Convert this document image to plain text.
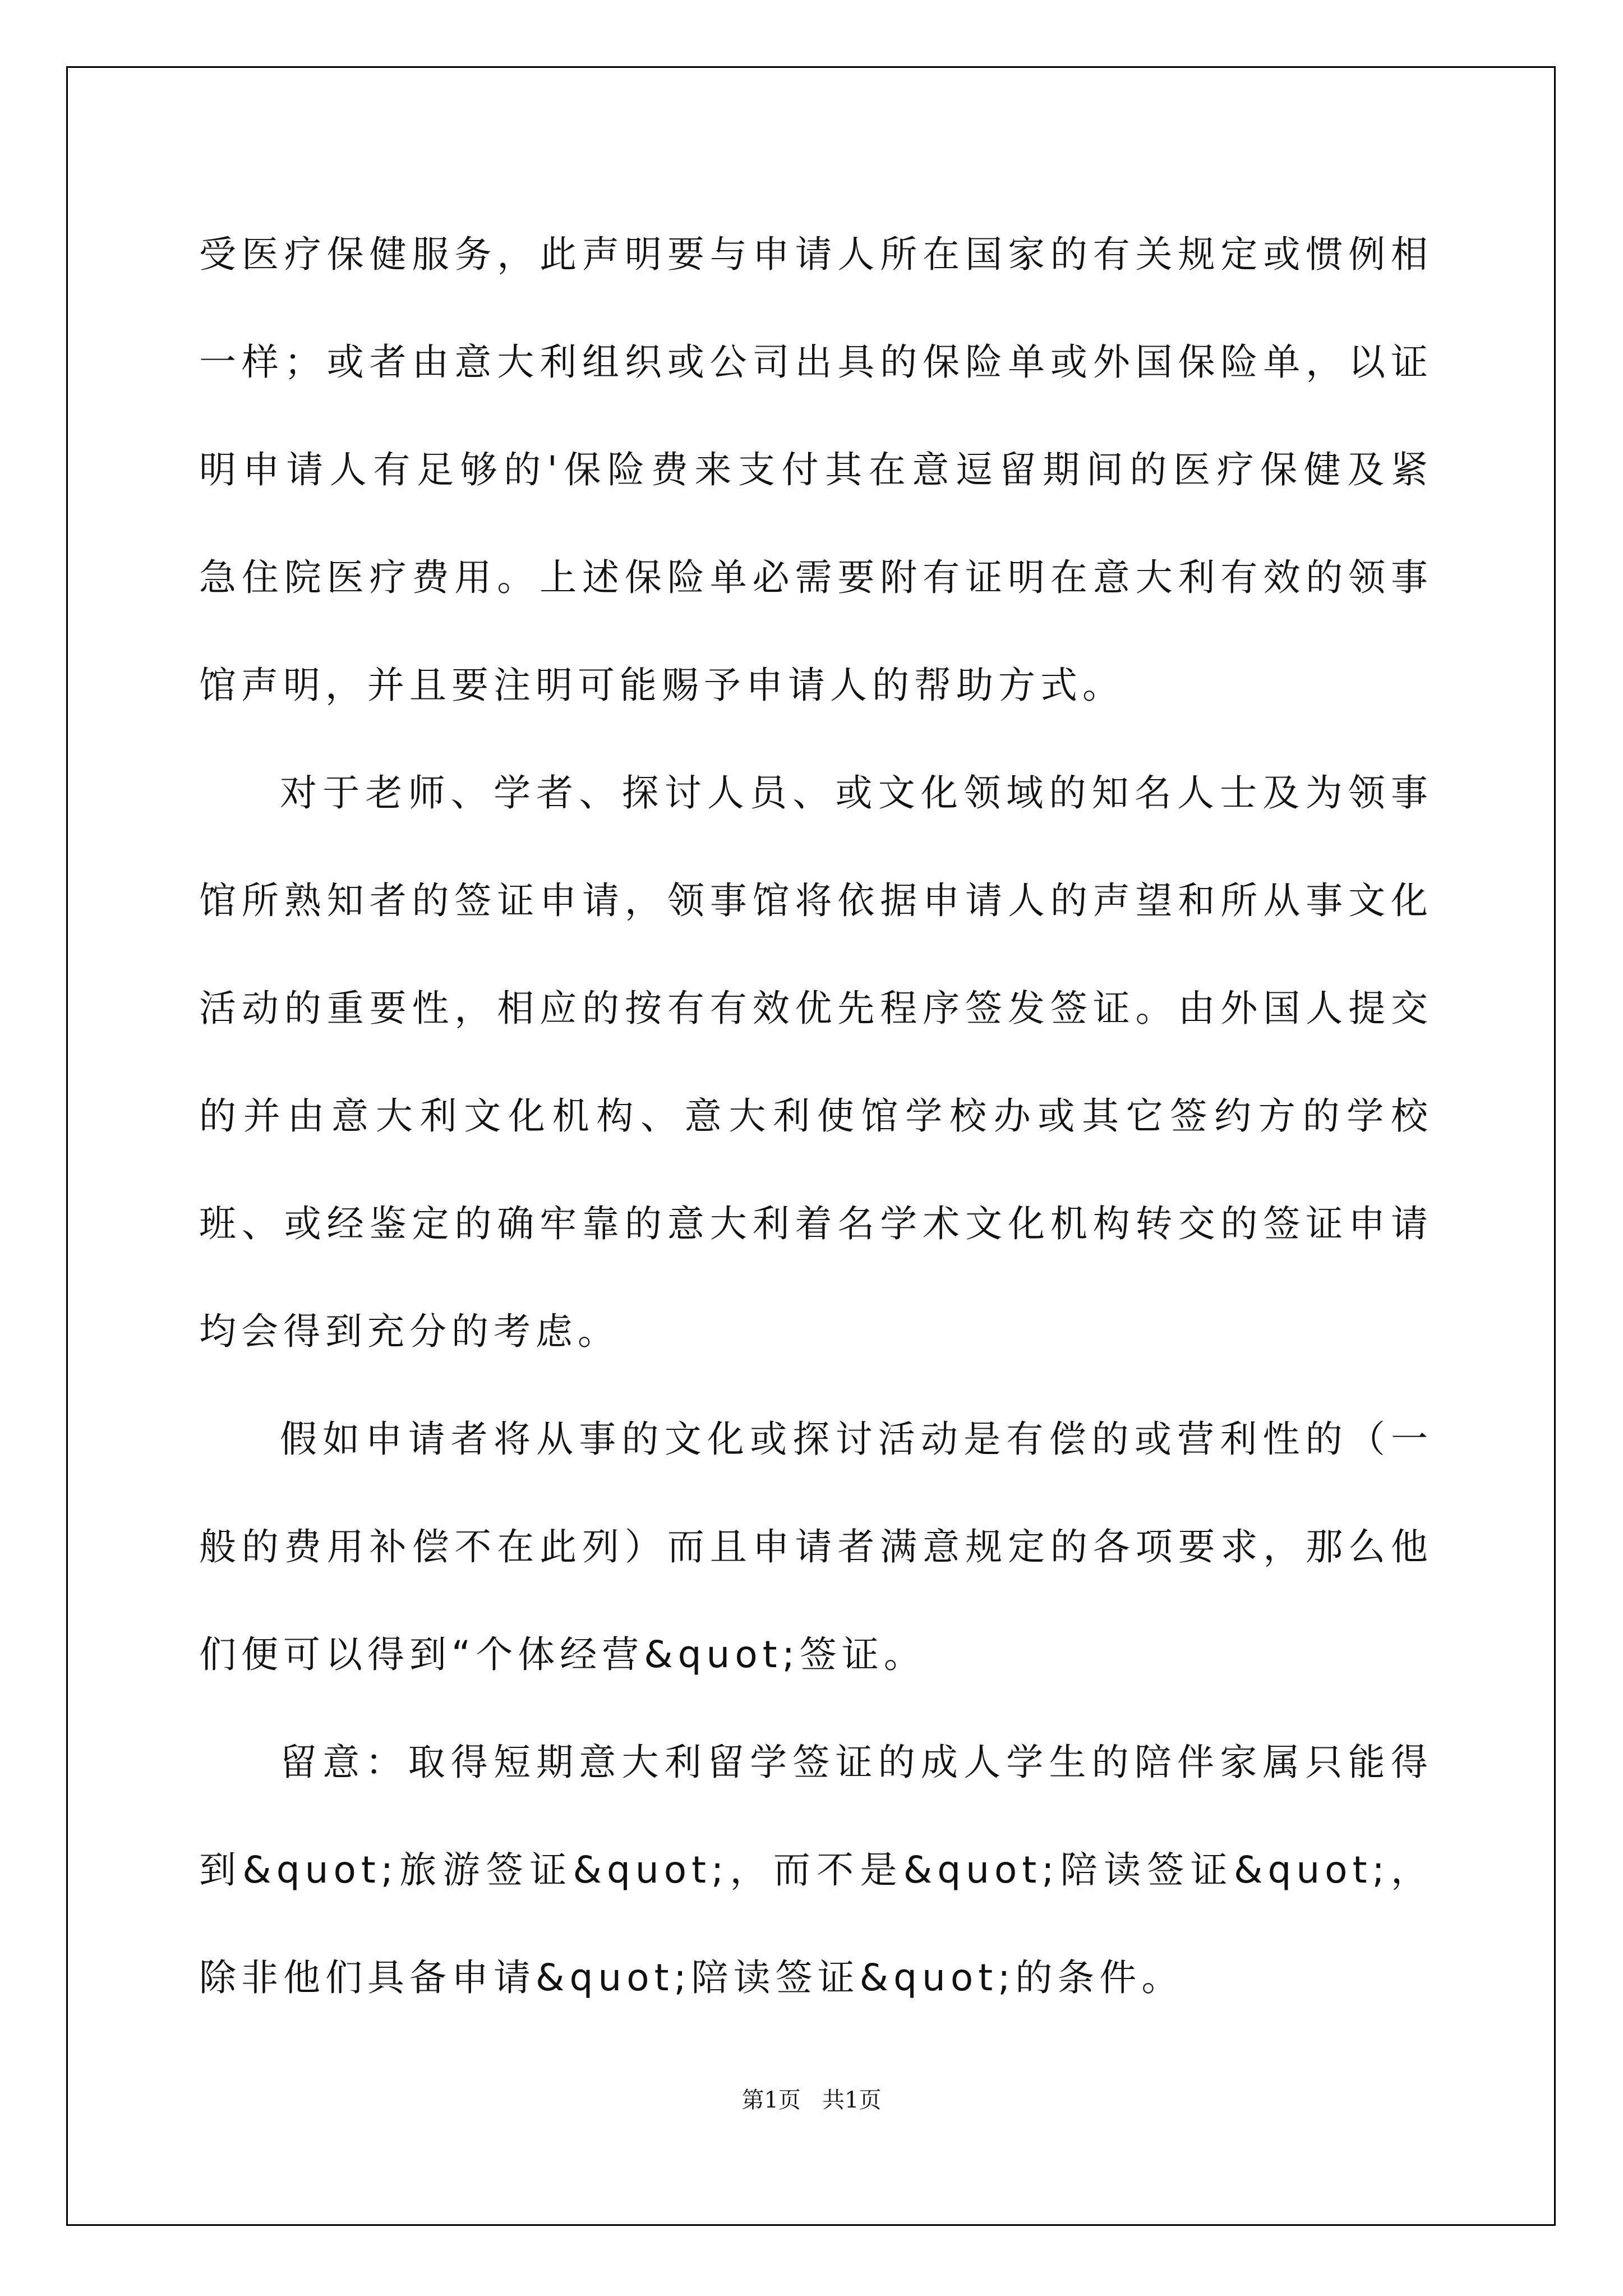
受医疗保健服务，此声明要与申请人所在国家的有关规定或惯例相一样；或者由意大利组织或公司出具的保险单或外国保险单，以证明申请人有足够的'保险费来支付其在意逗留期间的医疗保健及紧急住院医疗费用。上述保险单必需要附有证明在意大利有效的领事馆声明，并且要注明可能赐予申请人的帮助方式。

对于老师、学者、探讨人员、或文化领域的知名人士及为领事馆所熟知者的签证申请，领事馆将依据申请人的声望和所从事文化活动的重要性，相应的按有有效优先程序签发签证。由外国人提交的并由意大利文化机构、意大利使馆学校办或其它签约方的学校班、或经鉴定的确牢靠的意大利着名学术文化机构转交的签证申请均会得到充分的考虑。

假如申请者将从事的文化或探讨活动是有偿的或营利性的（一般的费用补偿不在此列）而且申请者满意规定的各项要求，那么他们便可以得到“个体经营&quot;签证。

留意：取得短期意大利留学签证的成人学生的陪伴家属只能得到&quot;旅游签证&quot;，而不是&quot;陪读签证&quot;，除非他们具备申请&quot;陪读签证&quot;的条件。

第1页   共1页
